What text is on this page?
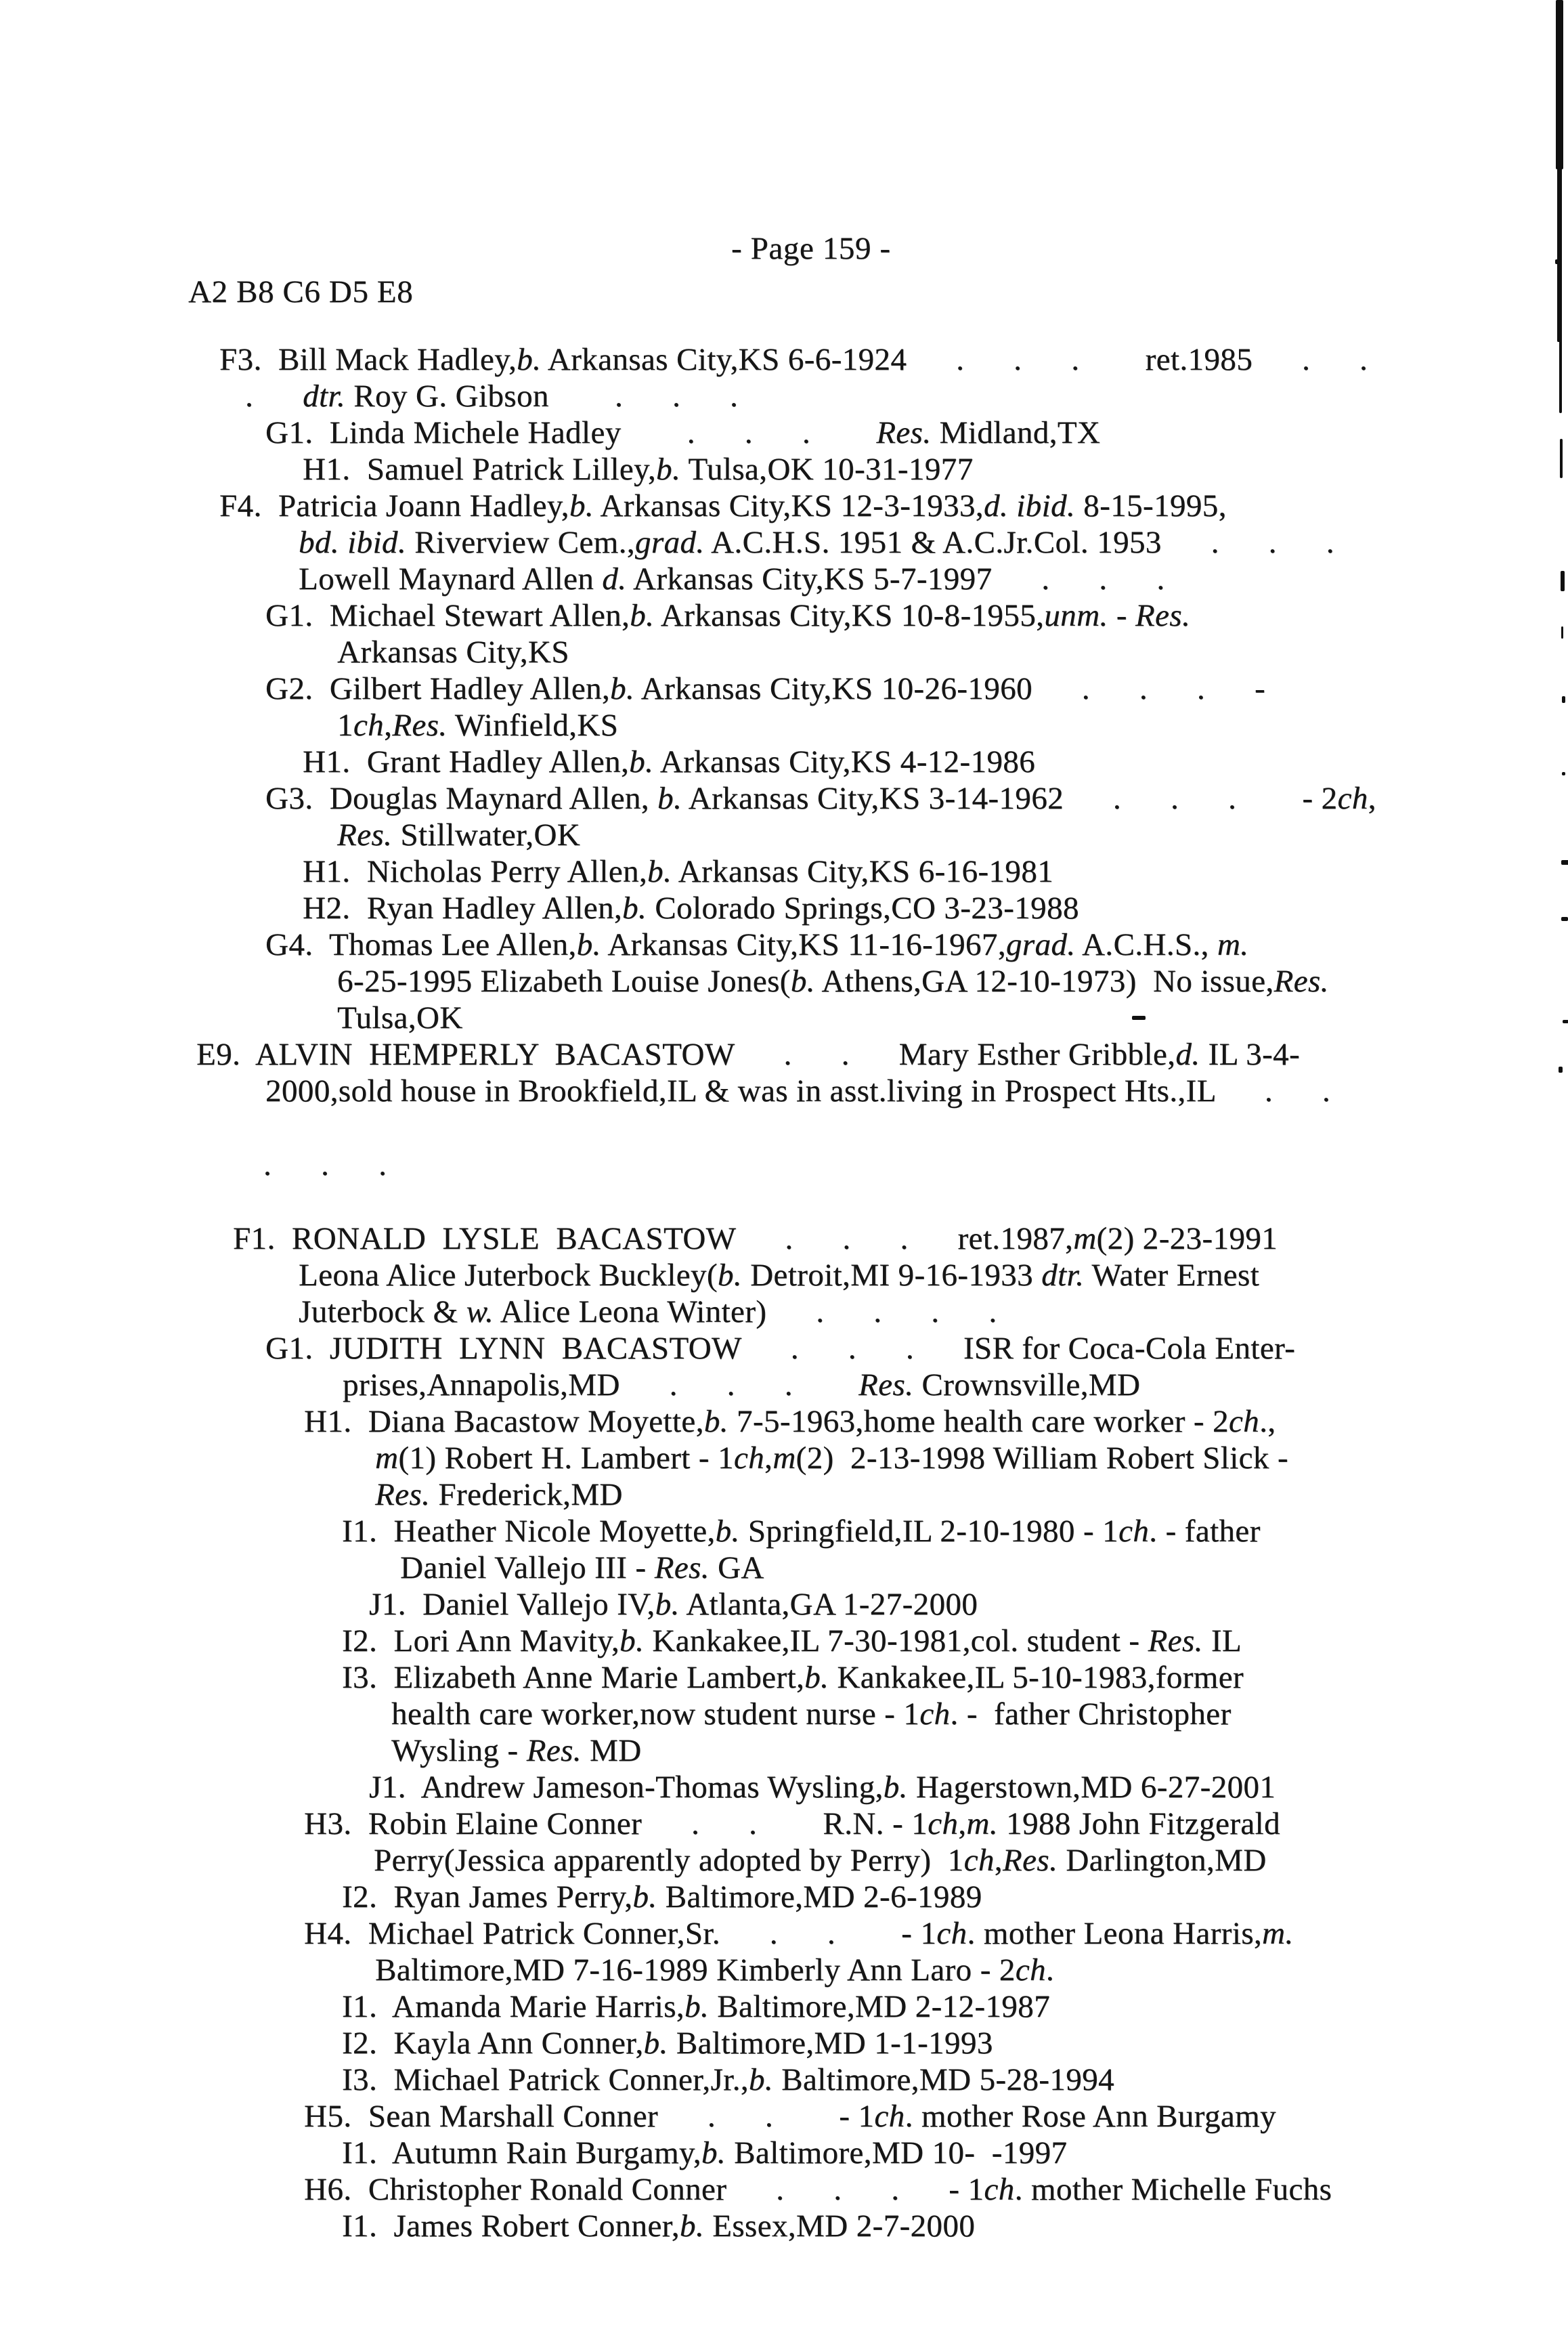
- Page 159 -
A2 B8 C6 D5 E8
F3.  Bill Mack Hadley,b. Arkansas City,KS 6-6-1924      .      .      .        ret.1985      .      .
.      dtr. Roy G. Gibson        .      .      .
G1.  Linda Michele Hadley        .      .      .        Res. Midland,TX
H1.  Samuel Patrick Lilley,b. Tulsa,OK 10-31-1977
F4.  Patricia Joann Hadley,b. Arkansas City,KS 12-3-1933,d. ibid. 8-15-1995,
bd. ibid. Riverview Cem.,grad. A.C.H.S. 1951 & A.C.Jr.Col. 1953      .      .      .
Lowell Maynard Allen d. Arkansas City,KS 5-7-1997      .      .      .
G1.  Michael Stewart Allen,b. Arkansas City,KS 10-8-1955,unm. - Res.
Arkansas City,KS
G2.  Gilbert Hadley Allen,b. Arkansas City,KS 10-26-1960      .      .      .      -
1ch,Res. Winfield,KS
H1.  Grant Hadley Allen,b. Arkansas City,KS 4-12-1986
G3.  Douglas Maynard Allen, b. Arkansas City,KS 3-14-1962      .      .      .        - 2ch,
Res. Stillwater,OK
H1.  Nicholas Perry Allen,b. Arkansas City,KS 6-16-1981
H2.  Ryan Hadley Allen,b. Colorado Springs,CO 3-23-1988
G4.  Thomas Lee Allen,b. Arkansas City,KS 11-16-1967,grad. A.C.H.S., m.
6-25-1995 Elizabeth Louise Jones(b. Athens,GA 12-10-1973)  No issue,Res.
Tulsa,OK
E9.  ALVIN  HEMPERLY  BACASTOW      .      .      Mary Esther Gribble,d. IL 3-4-
2000,sold house in Brookfield,IL & was in asst.living in Prospect Hts.,IL      .      .
.      .      .
F1.  RONALD  LYSLE  BACASTOW      .      .      .      ret.1987,m(2) 2-23-1991
Leona Alice Juterbock Buckley(b. Detroit,MI 9-16-1933 dtr. Water Ernest
Juterbock & w. Alice Leona Winter)      .      .      .      .
G1.  JUDITH  LYNN  BACASTOW      .      .      .      ISR for Coca-Cola Enter-
prises,Annapolis,MD      .      .      .        Res. Crownsville,MD
H1.  Diana Bacastow Moyette,b. 7-5-1963,home health care worker - 2ch.,
m(1) Robert H. Lambert - 1ch,m(2)  2-13-1998 William Robert Slick -
Res. Frederick,MD
I1.  Heather Nicole Moyette,b. Springfield,IL 2-10-1980 - 1ch. - father
Daniel Vallejo III - Res. GA
J1.  Daniel Vallejo IV,b. Atlanta,GA 1-27-2000
I2.  Lori Ann Mavity,b. Kankakee,IL 7-30-1981,col. student - Res. IL
I3.  Elizabeth Anne Marie Lambert,b. Kankakee,IL 5-10-1983,former
health care worker,now student nurse - 1ch. -  father Christopher
Wysling - Res. MD
J1.  Andrew Jameson-Thomas Wysling,b. Hagerstown,MD 6-27-2001
H3.  Robin Elaine Conner      .      .        R.N. - 1ch,m. 1988 John Fitzgerald
Perry(Jessica apparently adopted by Perry)  1ch,Res. Darlington,MD
I2.  Ryan James Perry,b. Baltimore,MD 2-6-1989
H4.  Michael Patrick Conner,Sr.      .      .        - 1ch. mother Leona Harris,m.
Baltimore,MD 7-16-1989 Kimberly Ann Laro - 2ch.
I1.  Amanda Marie Harris,b. Baltimore,MD 2-12-1987
I2.  Kayla Ann Conner,b. Baltimore,MD 1-1-1993
I3.  Michael Patrick Conner,Jr.,b. Baltimore,MD 5-28-1994
H5.  Sean Marshall Conner      .      .        - 1ch. mother Rose Ann Burgamy
I1.  Autumn Rain Burgamy,b. Baltimore,MD 10-  -1997
H6.  Christopher Ronald Conner      .      .      .      - 1ch. mother Michelle Fuchs
I1.  James Robert Conner,b. Essex,MD 2-7-2000
